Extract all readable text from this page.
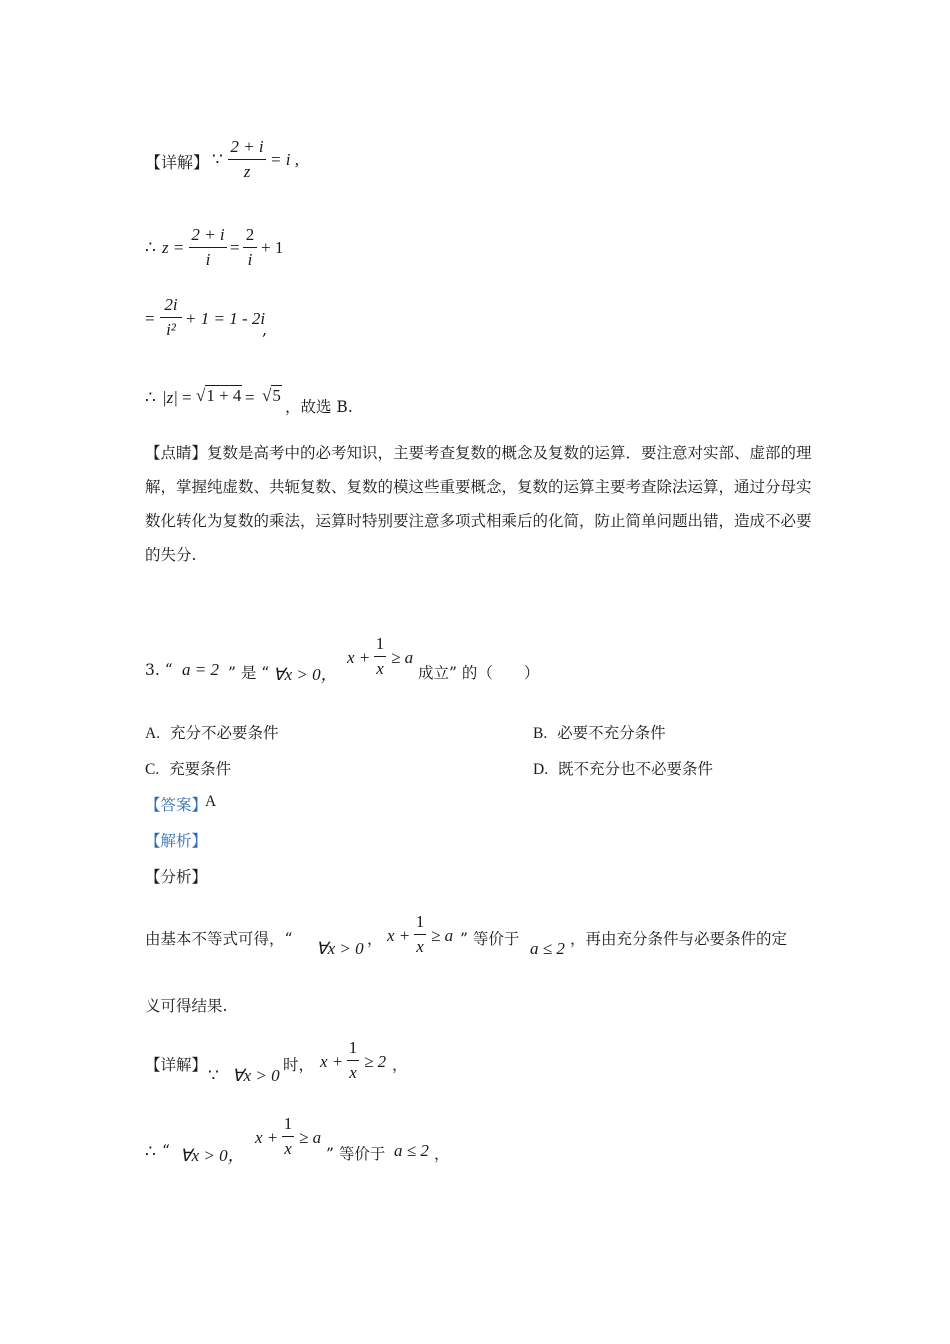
【详解】 ∵
2 + i
z
= i ,
∴ z =
2 + i
i
=
2
i
+ 1
=
2i
i²
+ 1 = 1 - 2i
,
∴ |z| = √1 + 4 = √5
，故选 B.
【点睛】复数是高考中的必考知识，主要考查复数的概念及复数的运算．要注意对实部、虚部的理解，掌握纯虚数、共轭复数、复数的模这些重要概念，复数的运算主要考查除法运算，通过分母实数化转化为复数的乘法，运算时特别要注意多项式相乘后的化简，防止简单问题出错，造成不必要的失分.
3. “ a = 2 ” 是 “ ∀x > 0，
x +
1
x
≥ a
成立” 的（　　）
A. 充分不必要条件	B. 必要不充分条件
C. 充要条件	D. 既不充分也不必要条件
【答案】
A
【解析】
【分析】
由基本不等式可得，“ ∀x > 0 ， x +
1
x
≥ a ” 等价于 a ≤ 2 ，再由充分条件与必要条件的定
义可得结果.
【详解】
∵ ∀x > 0
时， x +
1
x
≥ 2 ，
∴ “ ∀x > 0，
x +
1
x
≥ a
” 等价于 a ≤ 2 ，
